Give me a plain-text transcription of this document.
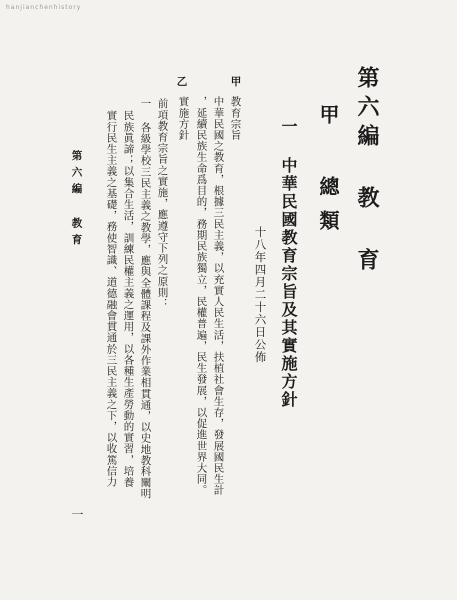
hanjianchenhistory
第六編 教 育
甲 總類
一 中華民國教育宗旨及其實施方針
十八年四月二十六日公佈
甲
教育宗旨
中華民國之教育，根據三民主義，以充實人民生活，扶植社會生存，發展國民生計
，延續民族生命爲目的，務期民族獨立，民權普遍，民生發展，以促進世界大同。
乙
實施方針
前項教育宗旨之實施，應遵守下列之原則：
一 各級學校三民主義之教學，應與全體課程及課外作業相貫通，以史地教科闡明
民族眞諦；以集合生活，訓練民權主義之運用，以各種生產勞動的實習，培養
實行民生主義之基礎，務使智識、道德融會貫通於三民主義之下，以收篤信力
第六編 教育
一
